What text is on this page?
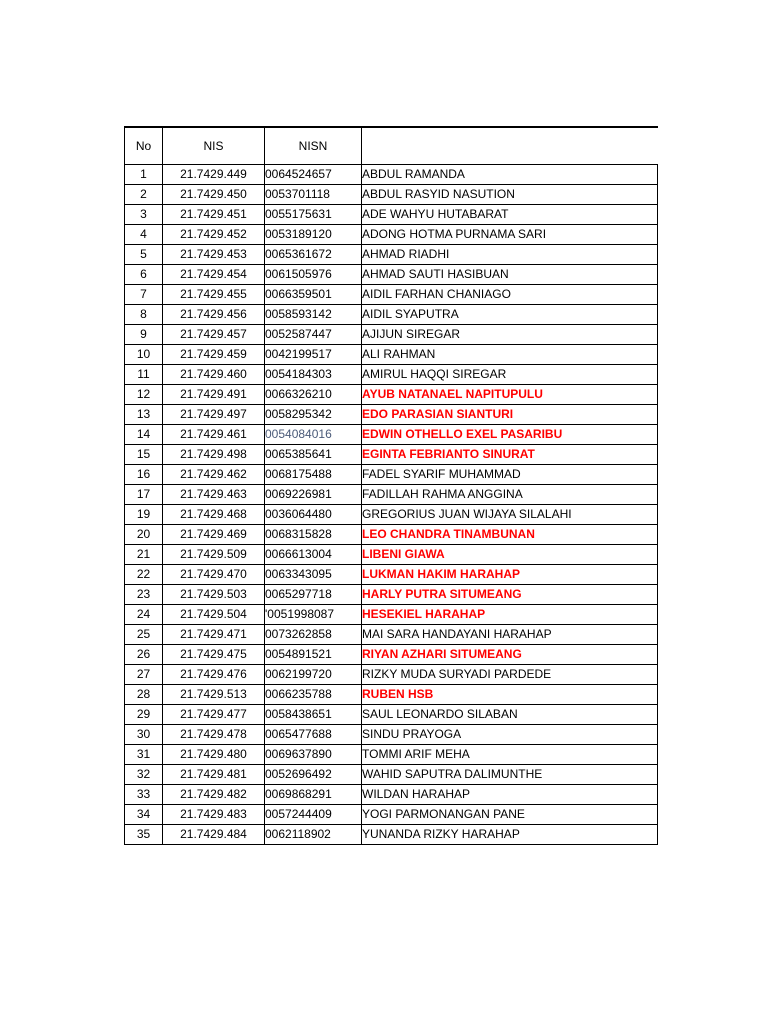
No	NIS	NISN	
1	21.7429.449	0064524657	ABDUL RAMANDA
2	21.7429.450	0053701118	ABDUL RASYID NASUTION
3	21.7429.451	0055175631	ADE WAHYU HUTABARAT
4	21.7429.452	0053189120	ADONG HOTMA PURNAMA SARI
5	21.7429.453	0065361672	AHMAD RIADHI
6	21.7429.454	0061505976	AHMAD SAUTI HASIBUAN
7	21.7429.455	0066359501	AIDIL FARHAN CHANIAGO
8	21.7429.456	0058593142	AIDIL SYAPUTRA
9	21.7429.457	0052587447	AJIJUN SIREGAR
10	21.7429.459	0042199517	ALI RAHMAN
11	21.7429.460	0054184303	AMIRUL HAQQI SIREGAR
12	21.7429.491	0066326210	AYUB NATANAEL NAPITUPULU
13	21.7429.497	0058295342	EDO PARASIAN SIANTURI
14	21.7429.461	0054084016	EDWIN OTHELLO EXEL PASARIBU
15	21.7429.498	0065385641	EGINTA FEBRIANTO SINURAT
16	21.7429.462	0068175488	FADEL SYARIF MUHAMMAD
17	21.7429.463	0069226981	FADILLAH RAHMA ANGGINA
19	21.7429.468	0036064480	GREGORIUS JUAN WIJAYA SILALAHI
20	21.7429.469	0068315828	LEO CHANDRA TINAMBUNAN
21	21.7429.509	0066613004	LIBENI GIAWA
22	21.7429.470	0063343095	LUKMAN HAKIM HARAHAP
23	21.7429.503	0065297718	HARLY PUTRA SITUMEANG
24	21.7429.504	'0051998087	HESEKIEL HARAHAP
25	21.7429.471	0073262858	MAI SARA HANDAYANI HARAHAP
26	21.7429.475	0054891521	RIYAN AZHARI SITUMEANG
27	21.7429.476	0062199720	RIZKY MUDA SURYADI PARDEDE
28	21.7429.513	0066235788	RUBEN HSB
29	21.7429.477	0058438651	SAUL LEONARDO SILABAN
30	21.7429.478	0065477688	SINDU PRAYOGA
31	21.7429.480	0069637890	TOMMI ARIF MEHA
32	21.7429.481	0052696492	WAHID SAPUTRA DALIMUNTHE
33	21.7429.482	0069868291	WILDAN HARAHAP
34	21.7429.483	0057244409	YOGI PARMONANGAN PANE
35	21.7429.484	0062118902	YUNANDA RIZKY HARAHAP
